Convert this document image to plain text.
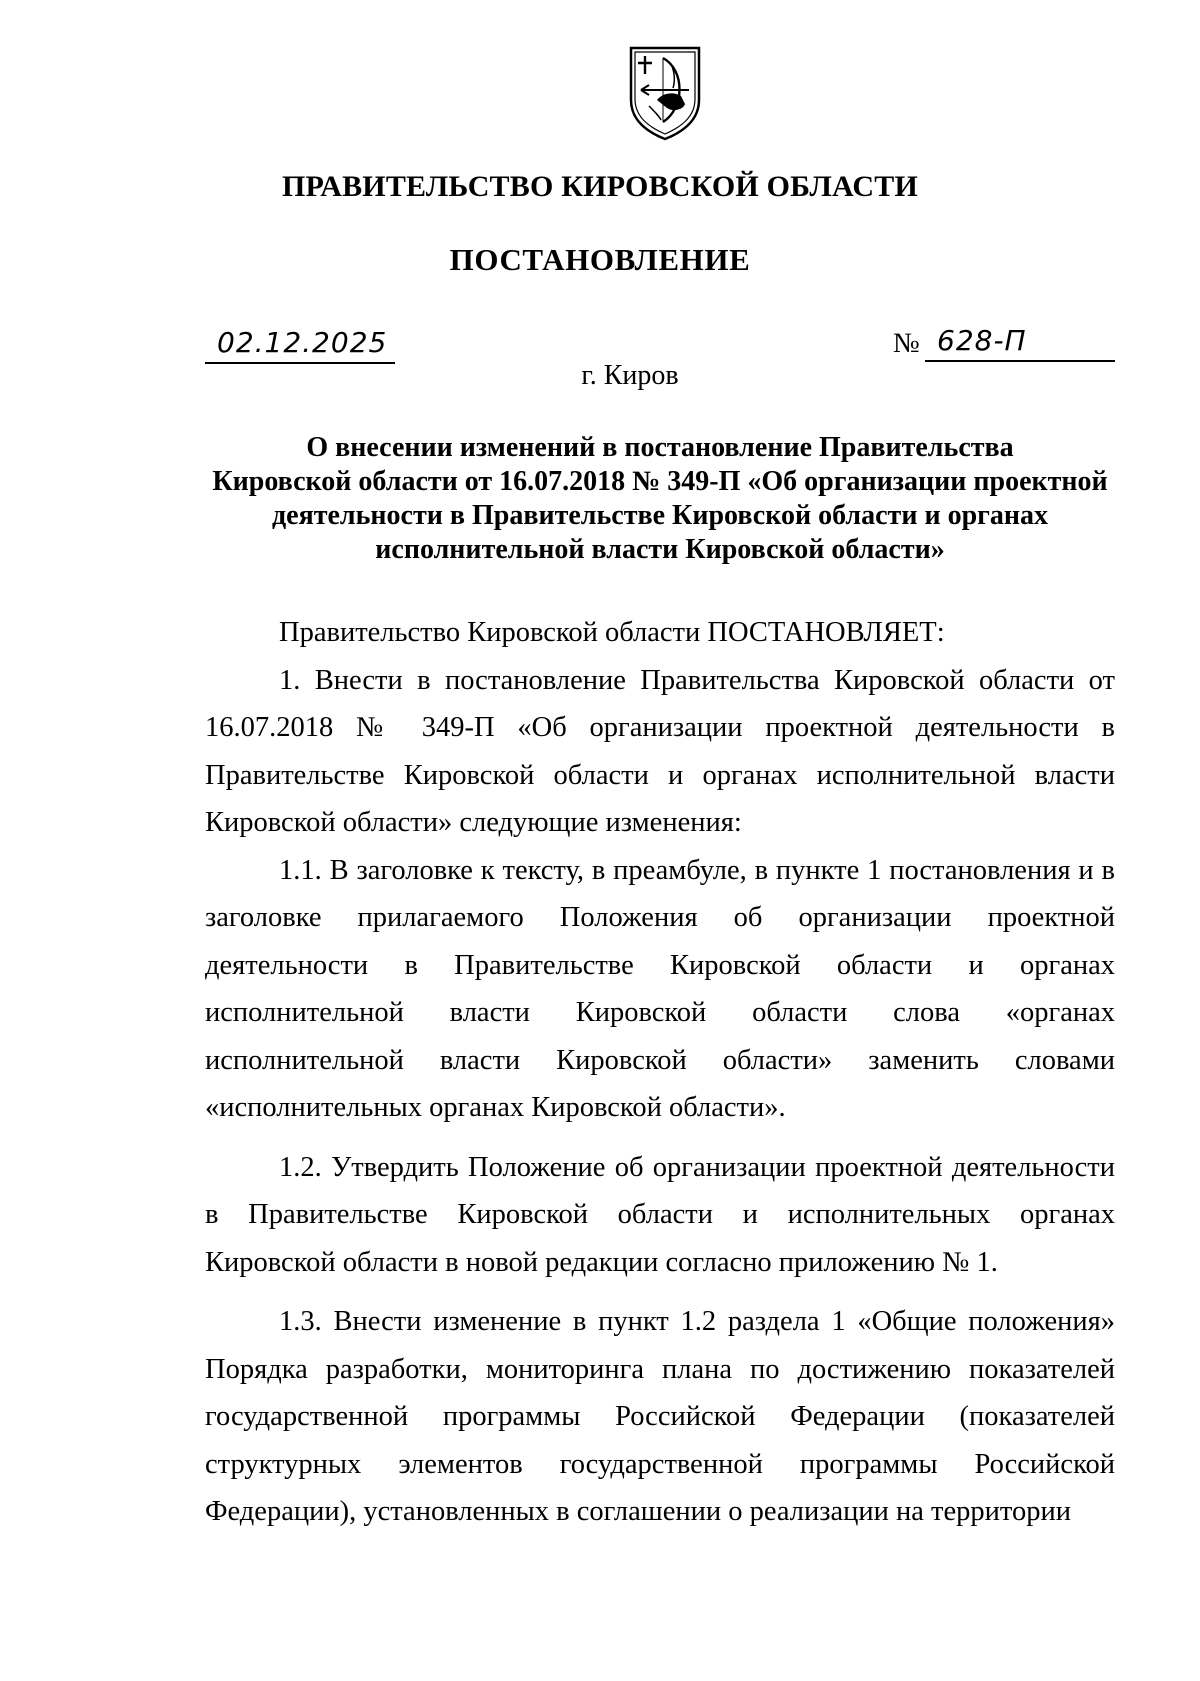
ПРАВИТЕЛЬСТВО КИРОВСКОЙ ОБЛАСТИ
ПОСТАНОВЛЕНИЕ
02.12.2025	№ 628-П
г. Киров
О внесении изменений в постановление Правительства
Кировской области от 16.07.2018 № 349-П «Об организации проектной
деятельности в Правительстве Кировской области и органах
исполнительной власти Кировской области»

Правительство Кировской области ПОСТАНОВЛЯЕТ:

1. Внести в постановление Правительства Кировской области от 16.07.2018 № 349-П «Об организации проектной деятельности в Правительстве Кировской области и органах исполнительной власти Кировской области» следующие изменения:

1.1. В заголовке к тексту, в преамбуле, в пункте 1 постановления и в заголовке прилагаемого Положения об организации проектной деятельности в Правительстве Кировской области и органах исполнительной власти Кировской области слова «органах исполнительной власти Кировской области» заменить словами «исполнительных органах Кировской области».

1.2. Утвердить Положение об организации проектной деятельности в Правительстве Кировской области и исполнительных органах Кировской области в новой редакции согласно приложению № 1.

1.3. Внести изменение в пункт 1.2 раздела 1 «Общие положения» Порядка разработки, мониторинга плана по достижению показателей государственной программы Российской Федерации (показателей структурных элементов государственной программы Российской Федерации), установленных в соглашении о реализации на территории
